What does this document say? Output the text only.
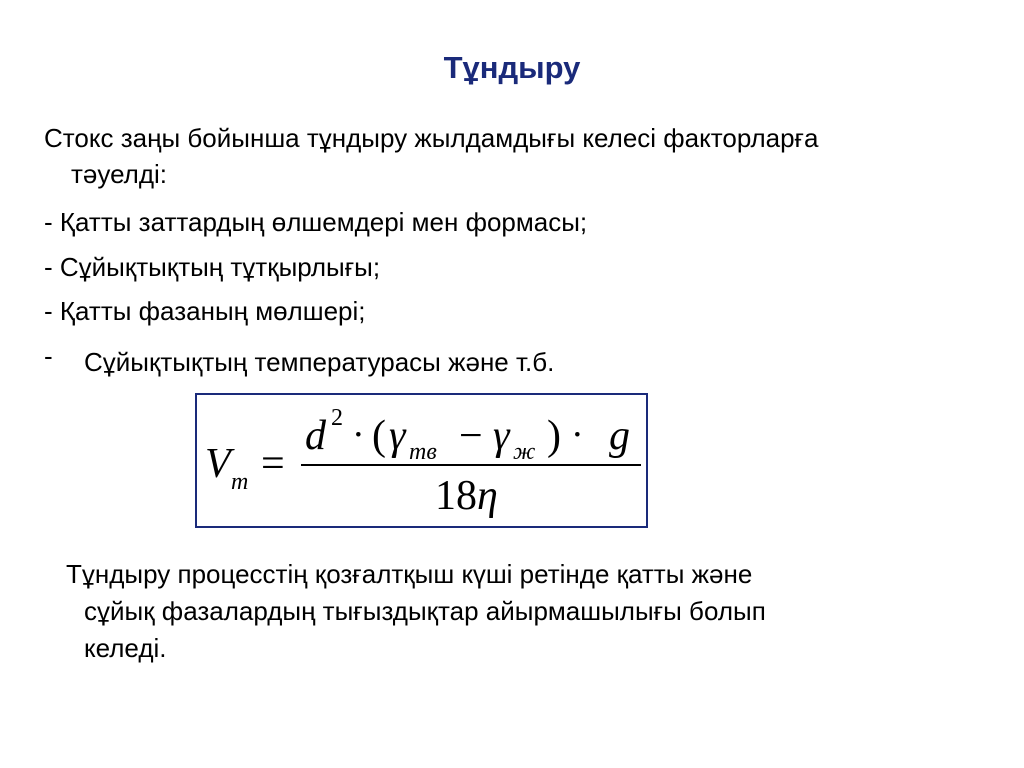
Тұндыру
Стокс заңы бойынша тұндыру жылдамдығы келесі факторларға
тәуелді:
- Қатты заттардың өлшемдері мен формасы;
- Сұйықтықтың тұтқырлығы;
- Қатты фазаның мөлшері;
- Сұйықтықтың температурасы және т.б.
V т =
d 2 · ( γ тв − γ ж ) · g
18 η
Тұндыру процесстің қозғалтқыш күші ретінде қатты және
сұйық фазалардың тығыздықтар айырмашылығы болып
келеді.
